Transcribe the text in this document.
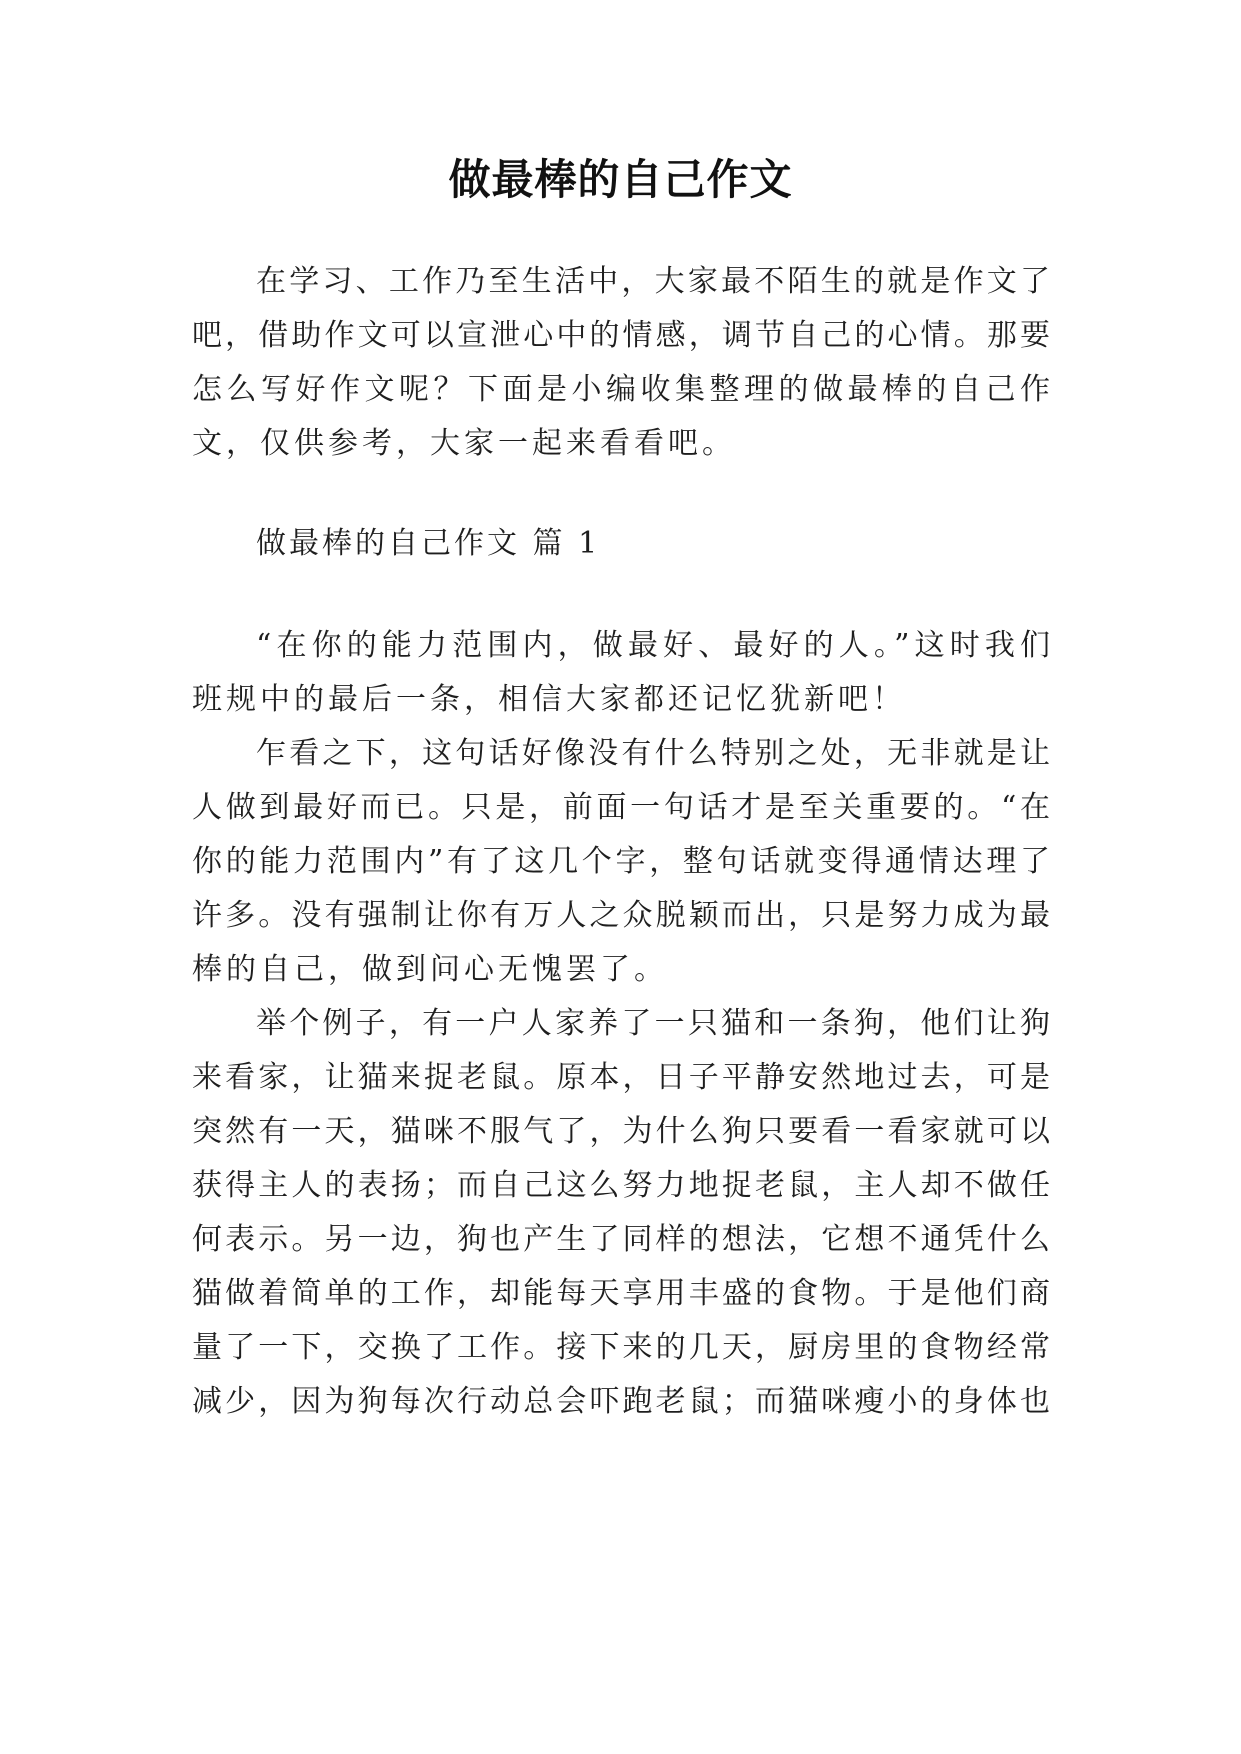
做最棒的自己作文
在学习、工作乃至生活中，大家最不陌生的就是作文了
吧，借助作文可以宣泄心中的情感，调节自己的心情。那要
怎么写好作文呢？下面是小编收集整理的做最棒的自己作
文，仅供参考，大家一起来看看吧。
做最棒的自己作文 篇 1
“在你的能力范围内，做最好、最好的人。”这时我们
班规中的最后一条，相信大家都还记忆犹新吧！
乍看之下，这句话好像没有什么特别之处，无非就是让
人做到最好而已。只是，前面一句话才是至关重要的。“在
你的能力范围内”有了这几个字，整句话就变得通情达理了
许多。没有强制让你有万人之众脱颖而出，只是努力成为最
棒的自己，做到问心无愧罢了。
举个例子，有一户人家养了一只猫和一条狗，他们让狗
来看家，让猫来捉老鼠。原本，日子平静安然地过去，可是
突然有一天，猫咪不服气了，为什么狗只要看一看家就可以
获得主人的表扬；而自己这么努力地捉老鼠，主人却不做任
何表示。另一边，狗也产生了同样的想法，它想不通凭什么
猫做着简单的工作，却能每天享用丰盛的食物。于是他们商
量了一下，交换了工作。接下来的几天，厨房里的食物经常
减少，因为狗每次行动总会吓跑老鼠；而猫咪瘦小的身体也
